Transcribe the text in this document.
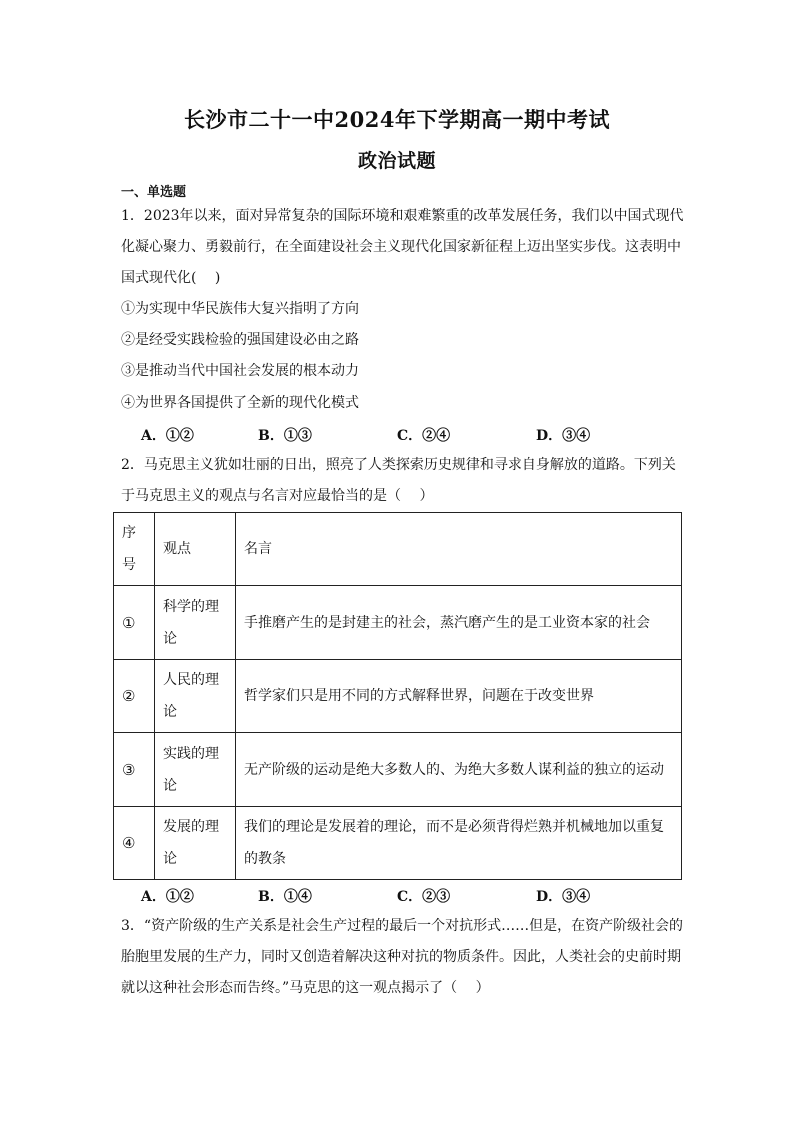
长沙市二十一中2024年下学期高一期中考试
政治试题
一、单选题
1．2023年以来，面对异常复杂的国际环境和艰难繁重的改革发展任务，我们以中国式现代
化凝心聚力、勇毅前行，在全面建设社会主义现代化国家新征程上迈出坚实步伐。这表明中
国式现代化(　 )
①为实现中华民族伟大复兴指明了方向
②是经受实践检验的强国建设必由之路
③是推动当代中国社会发展的根本动力
④为世界各国提供了全新的现代化模式
A．①②	B．①③	C．②④	D．③④
2．马克思主义犹如壮丽的日出，照亮了人类探索历史规律和寻求自身解放的道路。下列关
于马克思主义的观点与名言对应最恰当的是（　 ）
序号	观点	名言
①	科学的理论	手推磨产生的是封建主的社会，蒸汽磨产生的是工业资本家的社会
②	人民的理论	哲学家们只是用不同的方式解释世界，问题在于改变世界
③	实践的理论	无产阶级的运动是绝大多数人的、为绝大多数人谋利益的独立的运动
④	发展的理论	我们的理论是发展着的理论，而不是必须背得烂熟并机械地加以重复的教条
A．①②	B．①④	C．②③	D．③④
3．“资产阶级的生产关系是社会生产过程的最后一个对抗形式……但是，在资产阶级社会的
胎胞里发展的生产力，同时又创造着解决这种对抗的物质条件。因此，人类社会的史前时期
就以这种社会形态而告终。”马克思的这一观点揭示了（　 ）
